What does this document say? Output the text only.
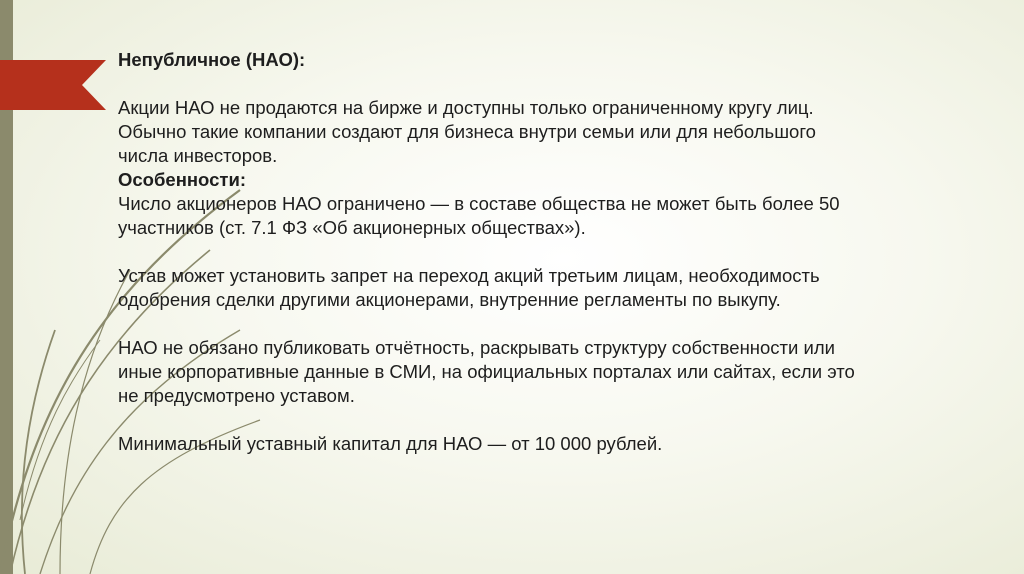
Непубличное (НАО):

Акции НАО не продаются на бирже и доступны только ограниченному кругу лиц.

Обычно такие компании создают для бизнеса внутри семьи или для небольшого

числа инвесторов.

Особенности:

Число акционеров НАО ограничено — в составе общества не может быть более 50

участников (ст. 7.1 ФЗ «Об акционерных обществах»).

Устав может установить запрет на переход акций третьим лицам, необходимость

одобрения сделки другими акционерами, внутренние регламенты по выкупу.

НАО не обязано публиковать отчётность, раскрывать структуру собственности или

иные корпоративные данные в СМИ, на официальных порталах или сайтах, если это

не предусмотрено уставом.

Минимальный уставный капитал для НАО — от 10 000 рублей.
